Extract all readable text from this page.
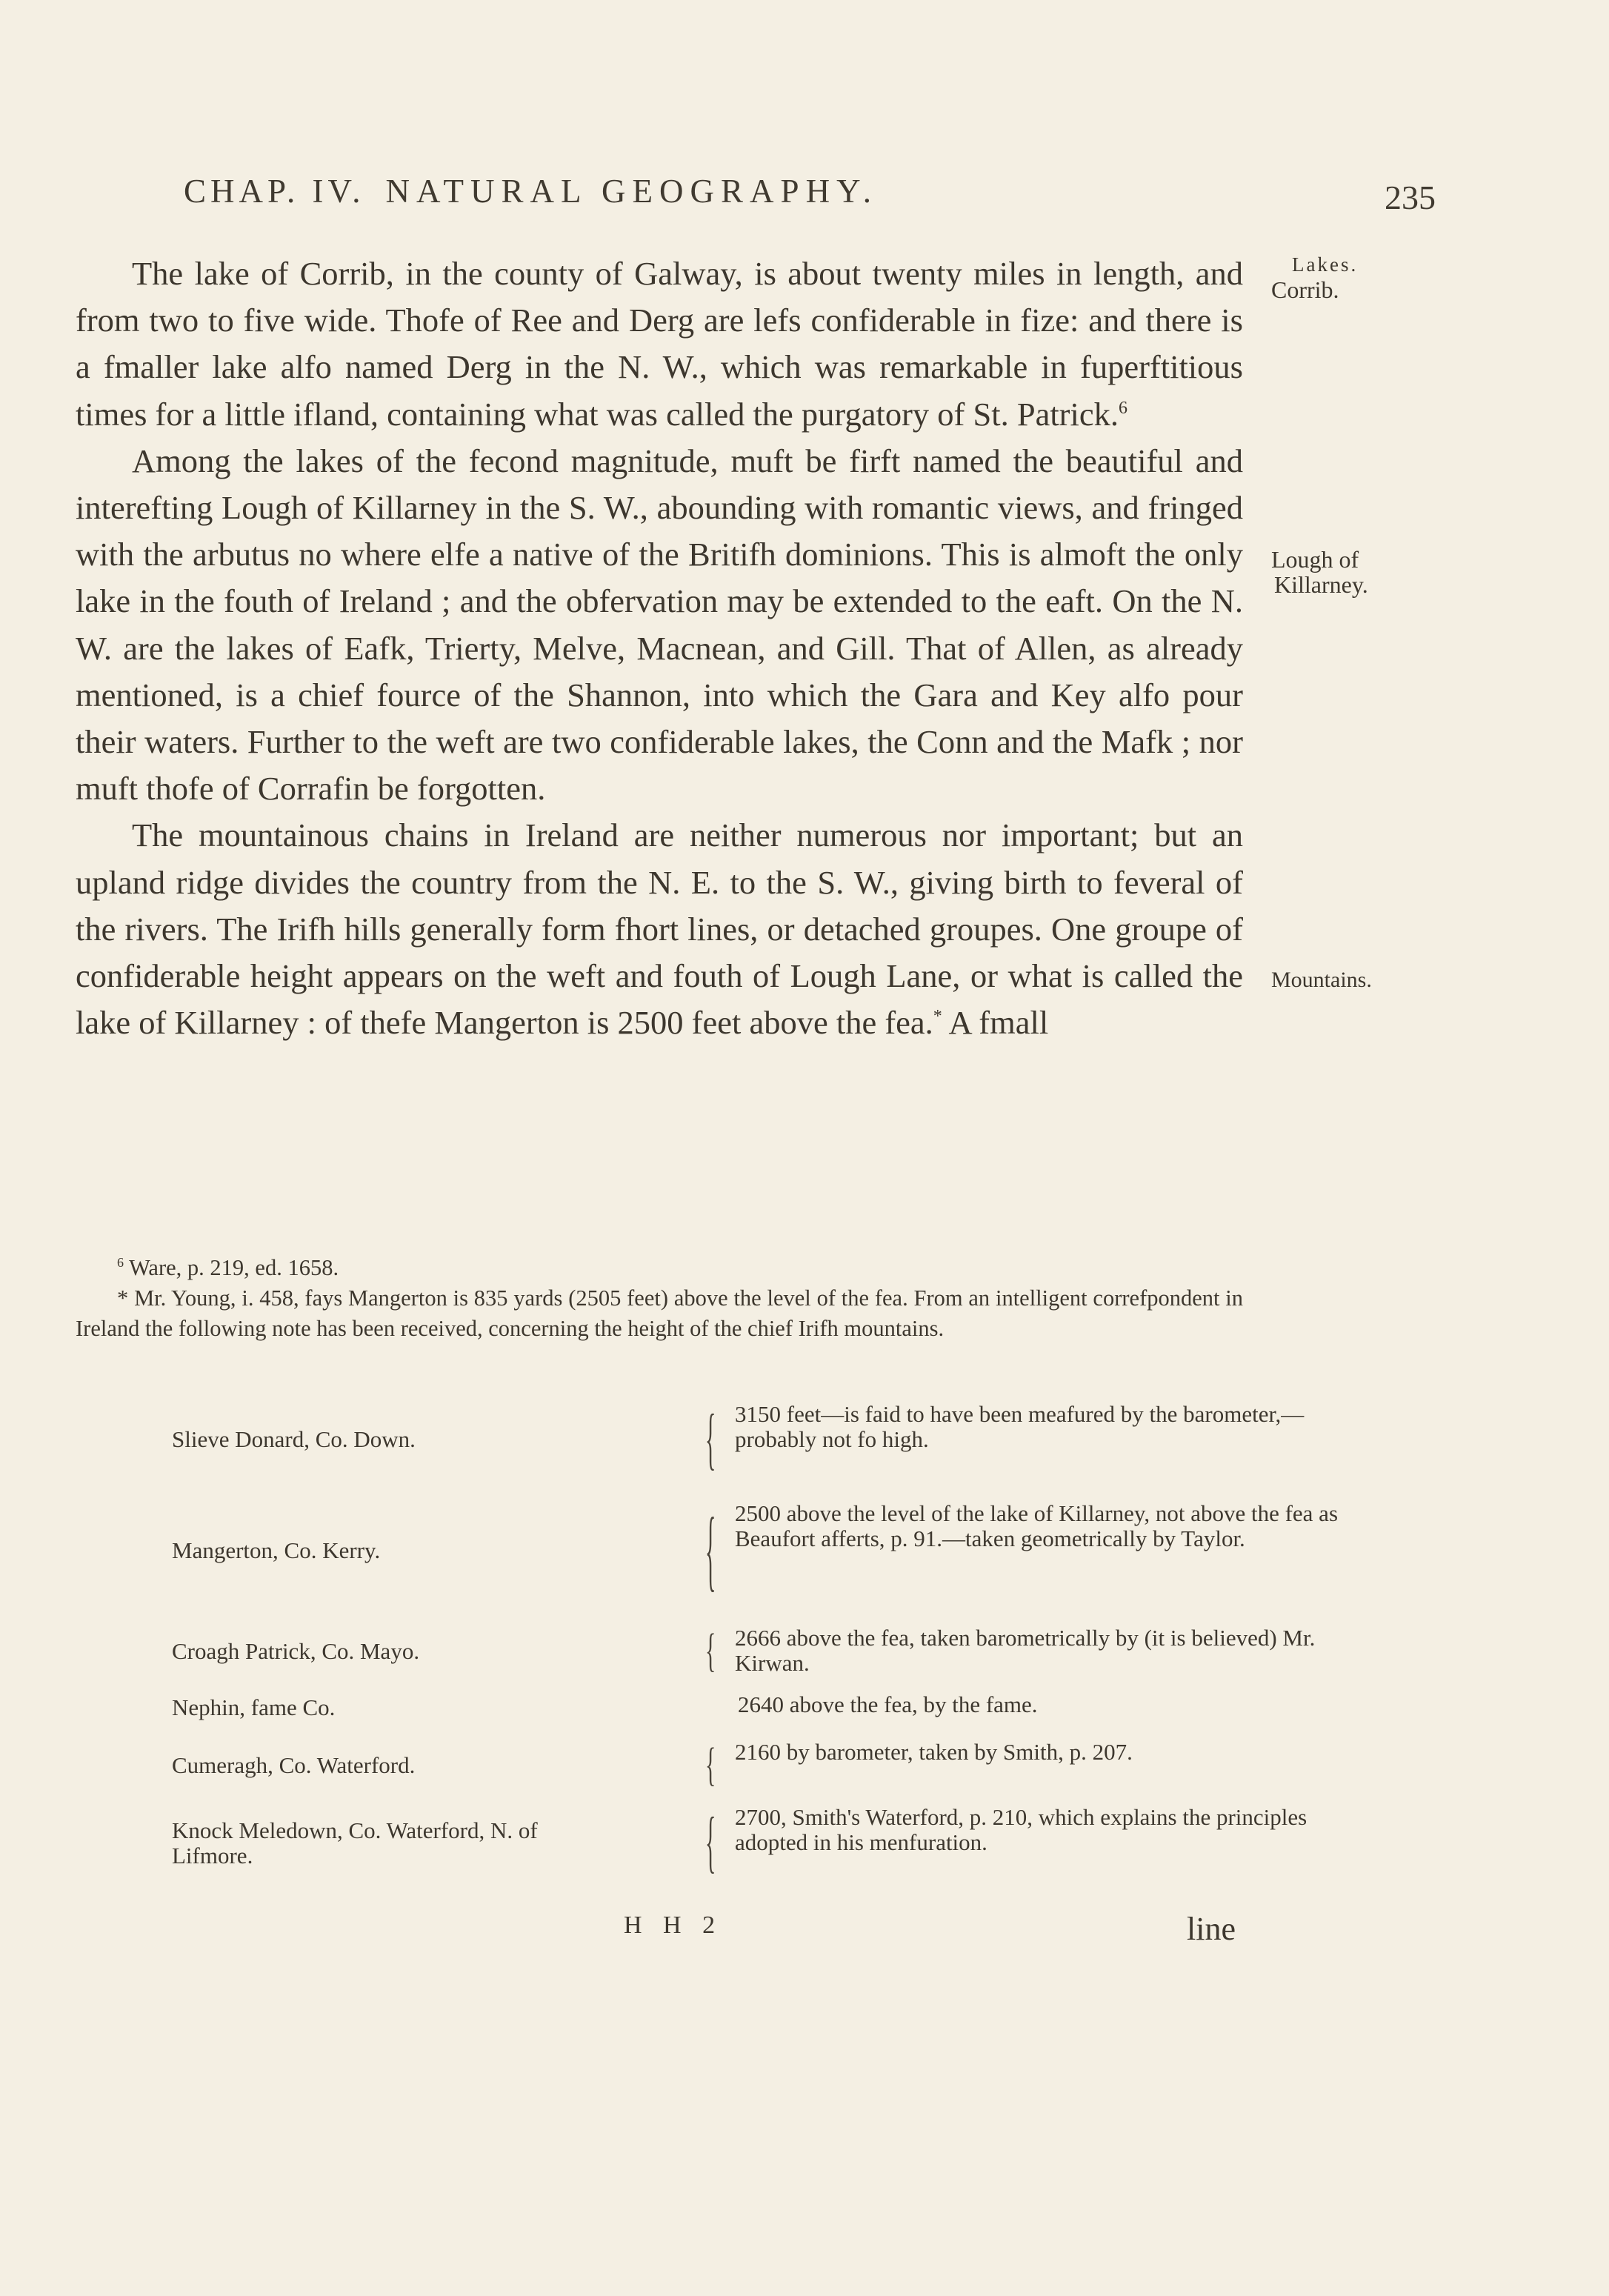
CHAP. IV. NATURAL GEOGRAPHY.	235
Lakes.
Corrib.
Lough of
Killarney.
Mountains.

The lake of Corrib, in the county of Galway, is about twenty miles in length, and from two to five wide. Thofe of Ree and Derg are lefs confiderable in fize: and there is a fmaller lake alfo named Derg in the N. W., which was remarkable in fuperftitious times for a little ifland, containing what was called the purgatory of St. Patrick.$^6$

Among the lakes of the fecond magnitude, muft be firft named the beautiful and interefting Lough of Killarney in the S. W., abounding with romantic views, and fringed with the arbutus no where elfe a native of the Britifh dominions. This is almoft the only lake in the fouth of Ireland ; and the obfervation may be extended to the eaft. On the N. W. are the lakes of Eafk, Trierty, Melve, Macnean, and Gill. That of Allen, as already mentioned, is a chief fource of the Shannon, into which the Gara and Key alfo pour their waters. Further to the weft are two confiderable lakes, the Conn and the Mafk ; nor muft thofe of Corrafin be forgotten.

The mountainous chains in Ireland are neither numerous nor important; but an upland ridge divides the country from the N. E. to the S. W., giving birth to feveral of the rivers. The Irifh hills generally form fhort lines, or detached groupes. One groupe of confiderable height appears on the weft and fouth of Lough Lane, or what is called the lake of Killarney : of thefe Mangerton is 2500 feet above the fea.* A fmall

$^6$ Ware, p. 219, ed. 1658.

* Mr. Young, i. 458, fays Mangerton is 835 yards (2505 feet) above the level of the fea. From an intelligent correfpondent in Ireland the following note has been received, concerning the height of the chief Irifh mountains.

Slieve Donard, Co. Down.	{ 3150 feet—is faid to have been meafured by the barometer,—probably not fo high.
Mangerton, Co. Kerry.	{ 2500 above the level of the lake of Killarney, not above the fea as Beaufort afferts, p. 91.—taken geometrically by Taylor.
Croagh Patrick, Co. Mayo.	{ 2666 above the fea, taken barometrically by (it is believed) Mr. Kirwan.
Nephin, fame Co.	2640 above the fea, by the fame.
Cumeragh, Co. Waterford.	{ 2160 by barometer, taken by Smith, p. 207.
Knock Meledown, Co. Waterford, N. of Lifmore.	{ 2700, Smith's Waterford, p. 210, which explains the principles adopted in his menfuration.
H H 2	line
